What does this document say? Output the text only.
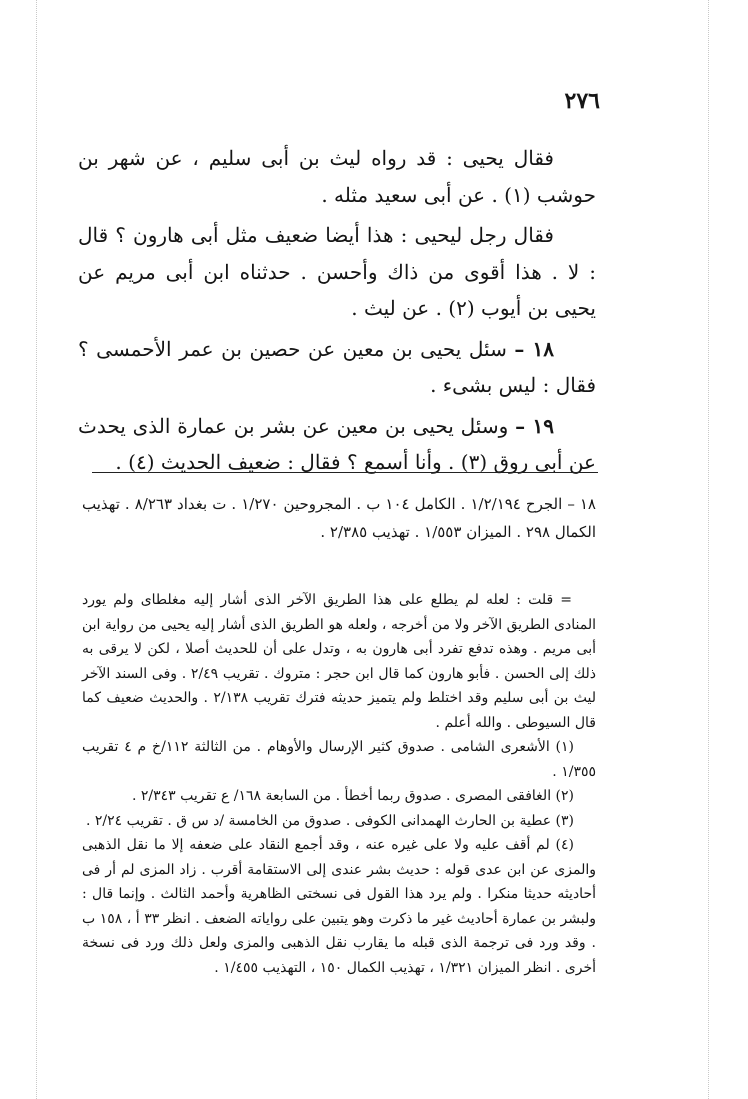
٢٧٦

فقال يحيى : قد رواه ليث بن أبى سليم ، عن شهر بن حوشب (١) . عن أبى سعيد مثله .

فقال رجل ليحيى : هذا أيضا ضعيف مثل أبى هارون ؟ قال : لا . هذا أقوى من ذاك وأحسن . حدثناه ابن أبى مريم عن يحيى بن أيوب (٢) . عن ليث .

١٨ – سئل يحيى بن معين عن حصين بن عمر الأحمسى ؟ فقال : ليس بشىء .

١٩ – وسئل يحيى بن معين عن بشر بن عمارة الذى يحدث عن أبى روق (٣) . وأنا أسمع ؟ فقال : ضعيف الحديث (٤) .

١٨ – الجرح ١/٢/١٩٤ . الكامل ١٠٤ ب . المجروحين ١/٢٧٠ . ت بغداد ٨/٢٦٣ . تهذيب الكمال ٢٩٨ . الميزان ١/٥٥٣ . تهذيب ٢/٣٨٥ .

= قلت : لعله لم يطلع على هذا الطريق الآخر الذى أشار إليه مغلطاى ولم يورد المنادى الطريق الآخر ولا من أخرجه ، ولعله هو الطريق الذى أشار إليه يحيى من رواية ابن أبى مريم . وهذه تدفع تفرد أبى هارون به ، وتدل على أن للحديث أصلا ، لكن لا يرقى به ذلك إلى الحسن . فأبو هارون كما قال ابن حجر : متروك . تقريب ٢/٤٩ . وفى السند الآخر ليث بن أبى سليم وقد اختلط ولم يتميز حديثه فترك تقريب ٢/١٣٨ . والحديث ضعيف كما قال السيوطى . والله أعلم .

(١) الأشعرى الشامى . صدوق كثير الإرسال والأوهام . من الثالثة ١١٢/خ م ٤ تقريب ١/٣٥٥ .

(٢) الغافقى المصرى . صدوق ربما أخطأ . من السابعة ١٦٨/ ع تقريب ٢/٣٤٣ .

(٣) عطية بن الحارث الهمدانى الكوفى . صدوق من الخامسة /د س ق . تقريب ٢/٢٤ .

(٤) لم أقف عليه ولا على غيره عنه ، وقد أجمع النقاد على ضعفه إلا ما نقل الذهبى والمزى عن ابن عدى قوله : حديث بشر عندى إلى الاستقامة أقرب . زاد المزى لم أر فى أحاديثه حديثا منكرا . ولم يرد هذا القول فى نسختى الظاهرية وأحمد الثالث . وإنما قال : ولبشر بن عمارة أحاديث غير ما ذكرت وهو يتبين على رواياته الضعف . انظر ٣٣ أ ، ١٥٨ ب . وقد ورد فى ترجمة الذى قبله ما يقارب نقل الذهبى والمزى ولعل ذلك ورد فى نسخة أخرى . انظر الميزان ١/٣٢١ ، تهذيب الكمال ١٥٠ ، التهذيب ١/٤٥٥ .
